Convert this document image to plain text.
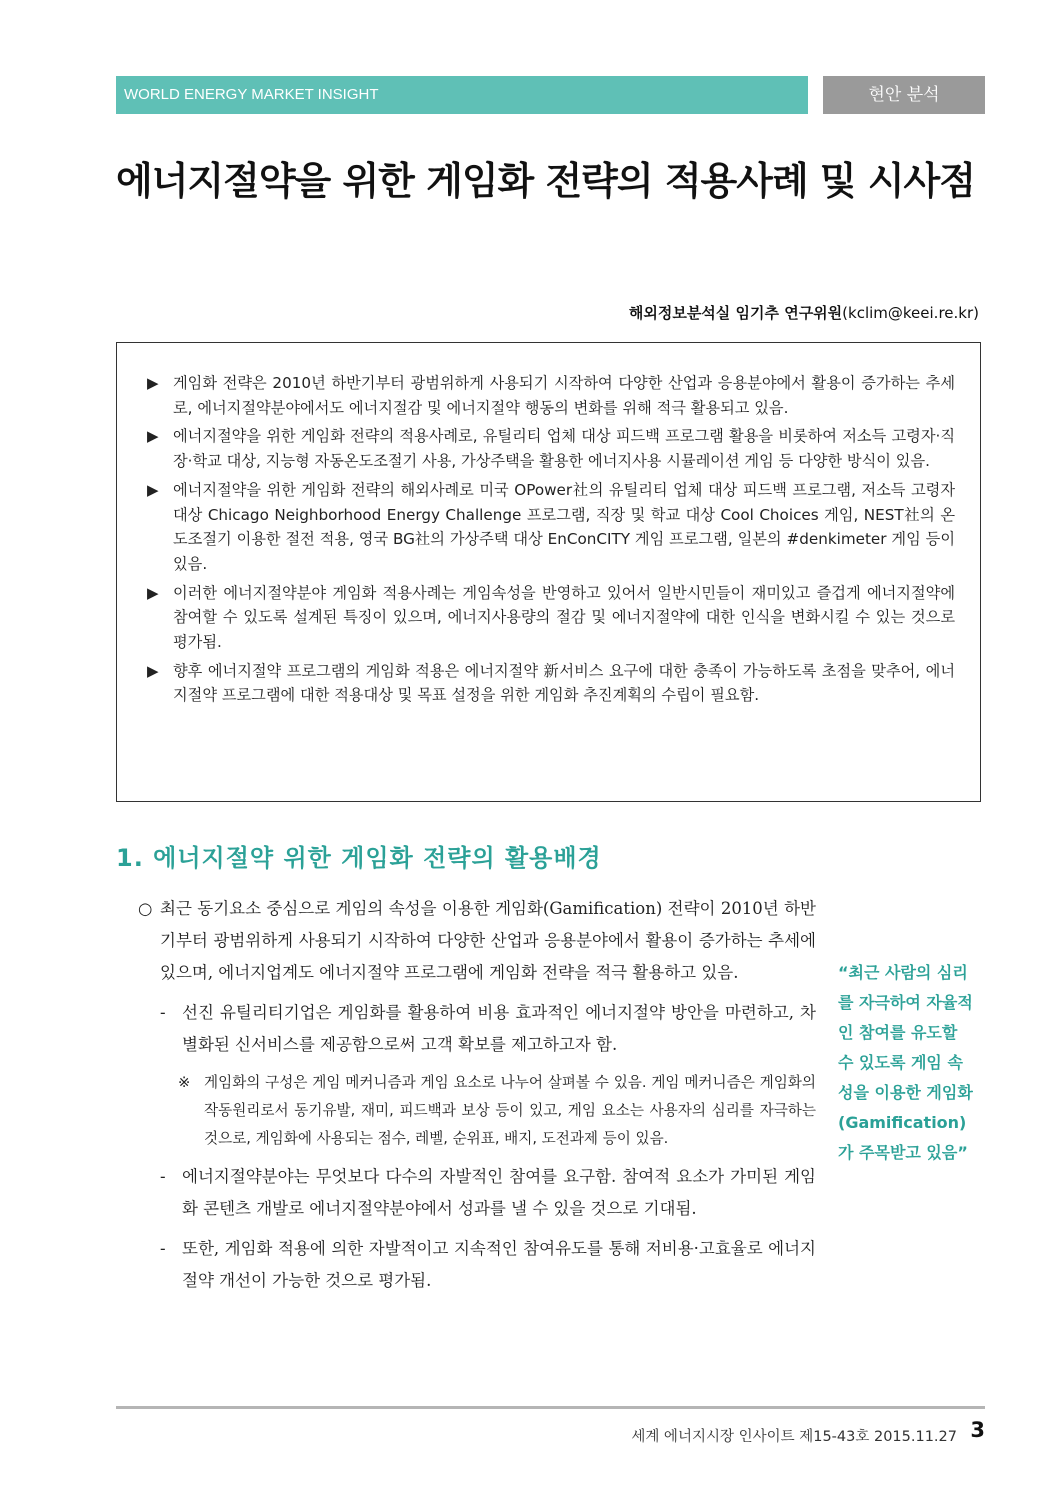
WORLD ENERGY MARKET INSIGHT	현안 분석
에너지절약을 위한 게임화 전략의 적용사례 및 시사점
해외정보분석실 임기추 연구위원(kclim@keei.re.kr)
▶ 게임화 전략은 2010년 하반기부터 광범위하게 사용되기 시작하여 다양한 산업과 응용분야에서 활용이 증가하는 추세로, 에너지절약분야에서도 에너지절감 및 에너지절약 행동의 변화를 위해 적극 활용되고 있음.
▶ 에너지절약을 위한 게임화 전략의 적용사례로, 유틸리티 업체 대상 피드백 프로그램 활용을 비롯하여 저소득 고령자·직장·학교 대상, 지능형 자동온도조절기 사용, 가상주택을 활용한 에너지사용 시뮬레이션 게임 등 다양한 방식이 있음.
▶ 에너지절약을 위한 게임화 전략의 해외사례로 미국 OPower社의 유틸리티 업체 대상 피드백 프로그램, 저소득 고령자 대상 Chicago Neighborhood Energy Challenge 프로그램, 직장 및 학교 대상 Cool Choices 게임, NEST社의 온도조절기 이용한 절전 적용, 영국 BG社의 가상주택 대상 EnConCITY 게임 프로그램, 일본의 #denkimeter 게임 등이 있음.
▶ 이러한 에너지절약분야 게임화 적용사례는 게임속성을 반영하고 있어서 일반시민들이 재미있고 즐겁게 에너지절약에 참여할 수 있도록 설계된 특징이 있으며, 에너지사용량의 절감 및 에너지절약에 대한 인식을 변화시킬 수 있는 것으로 평가됨.
▶ 향후 에너지절약 프로그램의 게임화 적용은 에너지절약 新서비스 요구에 대한 충족이 가능하도록 초점을 맞추어, 에너지절약 프로그램에 대한 적용대상 및 목표 설정을 위한 게임화 추진계획의 수립이 필요함.
1. 에너지절약 위한 게임화 전략의 활용배경
○ 최근 동기요소 중심으로 게임의 속성을 이용한 게임화(Gamification) 전략이 2010년 하반기부터 광범위하게 사용되기 시작하여 다양한 산업과 응용분야에서 활용이 증가하는 추세에 있으며, 에너지업계도 에너지절약 프로그램에 게임화 전략을 적극 활용하고 있음.
- 선진 유틸리티기업은 게임화를 활용하여 비용 효과적인 에너지절약 방안을 마련하고, 차별화된 신서비스를 제공함으로써 고객 확보를 제고하고자 함.
※ 게임화의 구성은 게임 메커니즘과 게임 요소로 나누어 살펴볼 수 있음. 게임 메커니즘은 게임화의 작동원리로서 동기유발, 재미, 피드백과 보상 등이 있고, 게임 요소는 사용자의 심리를 자극하는 것으로, 게임화에 사용되는 점수, 레벨, 순위표, 배지, 도전과제 등이 있음.
- 에너지절약분야는 무엇보다 다수의 자발적인 참여를 요구함. 참여적 요소가 가미된 게임화 콘텐츠 개발로 에너지절약분야에서 성과를 낼 수 있을 것으로 기대됨.
- 또한, 게임화 적용에 의한 자발적이고 지속적인 참여유도를 통해 저비용·고효율로 에너지절약 개선이 가능한 것으로 평가됨.

“최근 사람의 심리를 자극하여 자율적인 참여를 유도할 수 있도록 게임 속성을 이용한 게임화 (Gamification)가 주목받고 있음”

세계 에너지시장 인사이트 제15-43호 2015.11.27 3
